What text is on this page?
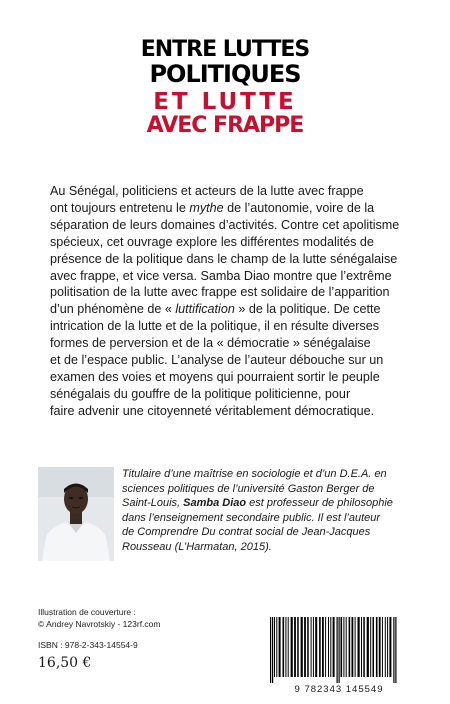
ENTRE LUTTES
POLITIQUES
ET LUTTE
AVEC FRAPPE

Au Sénégal, politiciens et acteurs de la lutte avec frappe
ont toujours entretenu le mythe de l’autonomie, voire de la
séparation de leurs domaines d’activités. Contre cet apolitisme
spécieux, cet ouvrage explore les différentes modalités de
présence de la politique dans le champ de la lutte sénégalaise
avec frappe, et vice versa. Samba Diao montre que l’extrême
politisation de la lutte avec frappe est solidaire de l’apparition
d’un phénomène de « luttification » de la politique. De cette
intrication de la lutte et de la politique, il en résulte diverses
formes de perversion et de la « démocratie » sénégalaise
et de l’espace public. L’analyse de l’auteur débouche sur un
examen des voies et moyens qui pourraient sortir le peuple
sénégalais du gouffre de la politique politicienne, pour
faire advenir une citoyenneté véritablement démocratique.

Titulaire d’une maîtrise en sociologie et d’un D.E.A. en
sciences politiques de l’université Gaston Berger de
Saint-Louis, Samba Diao est professeur de philosophie
dans l’enseignement secondaire public. Il est l’auteur
de Comprendre Du contrat social de Jean-Jacques
Rousseau (L’Harmatan, 2015).

Illustration de couverture :
© Andrey Navrotskiy - 123rf.com
ISBN : 978-2-343-14554-9
16,50 €
9 782343 145549
